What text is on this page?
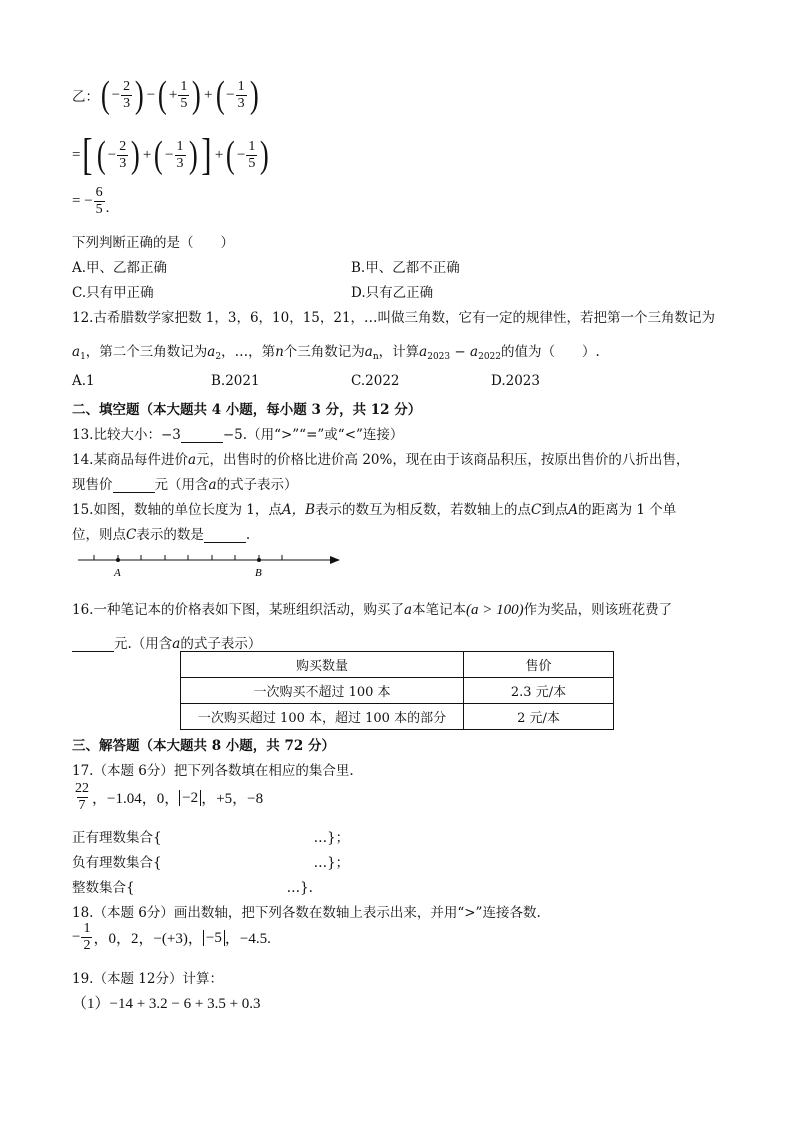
乙： ( − $\frac{2}{3}$ ) − ( + $\frac{1}{5}$ ) + ( − $\frac{1}{3}$ )
= [ ( − $\frac{2}{3}$ ) + ( − $\frac{1}{3}$ ) ] + ( − $\frac{1}{5}$ )
= − $\frac{6}{5}$ .
下列判断正确的是（　　）
A.甲、乙都正确	B.甲、乙都不正确
C.只有甲正确	D.只有乙正确
12.古希腊数学家把数 1，3，6，10，15，21，…叫做三角数，它有一定的规律性，若把第一个三角数记为
$a_1$，第二个三角数记为$a_2$，…，第n个三角数记为$a_n$，计算$a_{2023} - a_{2022}$的值为（　　）.
A.1	B.2021	C.2022	D.2023
二、填空题（本大题共 4 小题，每小题 3 分，共 12 分）
13.比较大小：−3	−5.（用“>”“=”或“<”连接）
14.某商品每件进价a元，出售时的价格比进价高 20%，现在由于该商品积压，按原出售价的八折出售，
现售价	元（用含a的式子表示）
15.如图，数轴的单位长度为 1，点A，B表示的数互为相反数，若数轴上的点C到点A的距离为 1 个单
位，则点C表示的数是	.
A	B
16.一种笔记本的价格表如下图，某班组织活动，购买了a本笔记本(a > 100)作为奖品，则该班花费了
元.（用含a的式子表示）
购买数量	售价
一次购买不超过 100 本	2.3 元/本
一次购买超过 100 本，超过 100 本的部分	2 元/本
三、解答题（本大题共 8 小题，共 72 分）
17.（本题 6分）把下列各数填在相应的集合里.
$\frac{22}{7}$ ，−1.04，0， −2 ，+5，−8
正有理数集合{	…}；
负有理数集合{	…}；
整数集合{	…}.
18.（本题 6分）画出数轴，把下列各数在数轴上表示出来，并用“>”连接各数.
− $\frac{1}{2}$ ，0，2，−(+3)， −5 ，−4.5.
19.（本题 12分）计算：
（1）−14 + 3.2 − 6 + 3.5 + 0.3
